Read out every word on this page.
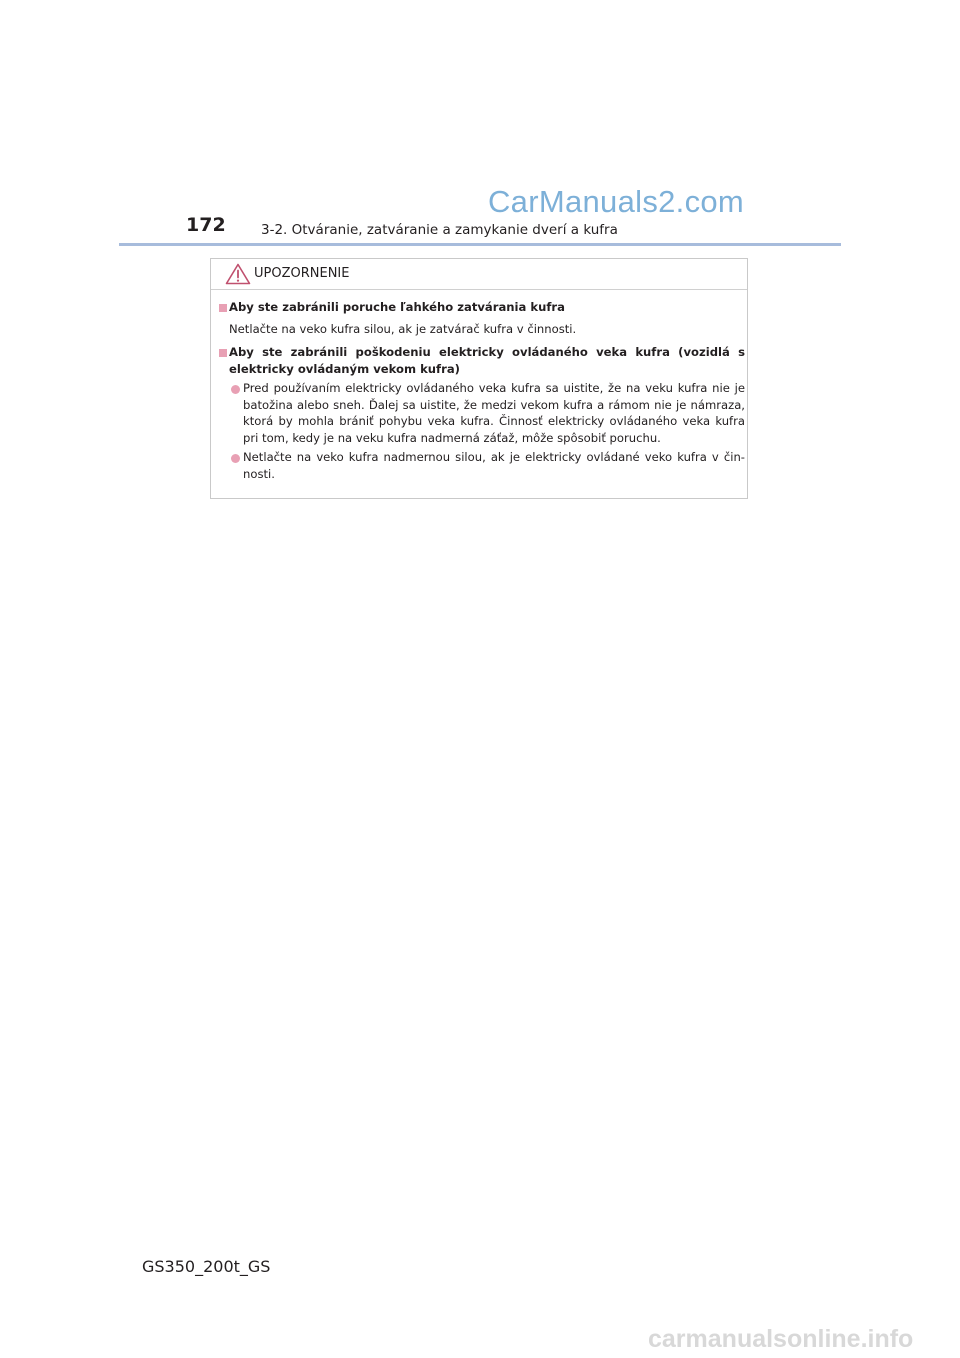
CarManuals2.com
172	3-2. Otváranie, zatváranie a zamykanie dverí a kufra
UPOZORNENIE
Aby ste zabránili poruche ľahkého zatvárania kufra
Netlačte na veko kufra silou, ak je zatvárač kufra v činnosti.
Aby ste zabránili poškodeniu elektricky ovládaného veka kufra (vozidlá s elektricky ovládaným vekom kufra)
Pred používaním elektricky ovládaného veka kufra sa uistite, že na veku kufra nie je batožina alebo sneh. Ďalej sa uistite, že medzi vekom kufra a rámom nie je námraza, ktorá by mohla brániť pohybu veka kufra. Činnosť elektricky ovládaného veka kufra pri tom, kedy je na veku kufra nadmerná záťaž, môže spôsobiť poruchu.
Netlačte na veko kufra nadmernou silou, ak je elektricky ovládané veko kufra v čin- nosti.
GS350_200t_GS
carmanualsonline.info
